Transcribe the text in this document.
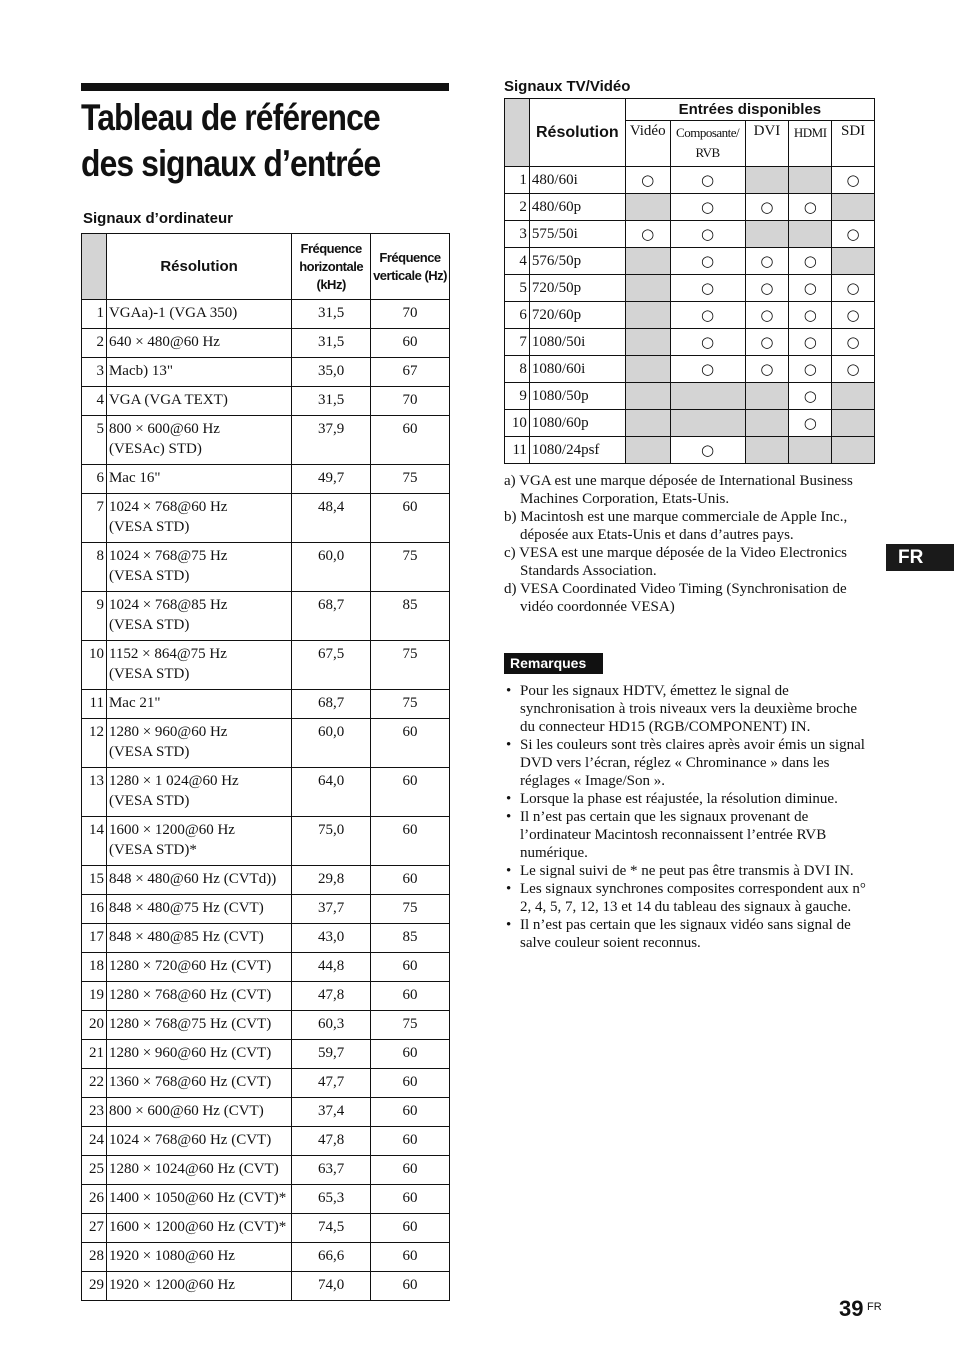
Tableau de référence
des signaux d’entrée
Signaux d’ordinateur
	Résolution	Fréquence horizontale (kHz)	Fréquence verticale (Hz)
1	VGAa)-1 (VGA 350)	31,5	70
2	640 × 480@60 Hz	31,5	60
3	Macb) 13"	35,0	67
4	VGA (VGA TEXT)	31,5	70
5	800 × 600@60 Hz
(VESAc) STD)	37,9	60
6	Mac 16"	49,7	75
7	1024 × 768@60 Hz
(VESA STD)	48,4	60
8	1024 × 768@75 Hz
(VESA STD)	60,0	75
9	1024 × 768@85 Hz
(VESA STD)	68,7	85
10	1152 × 864@75 Hz
(VESA STD)	67,5	75
11	Mac 21"	68,7	75
12	1280 × 960@60 Hz
(VESA STD)	60,0	60
13	1280 × 1 024@60 Hz
(VESA STD)	64,0	60
14	1600 × 1200@60 Hz
(VESA STD)*	75,0	60
15	848 × 480@60 Hz (CVTd))	29,8	60
16	848 × 480@75 Hz (CVT)	37,7	75
17	848 × 480@85 Hz (CVT)	43,0	85
18	1280 × 720@60 Hz (CVT)	44,8	60
19	1280 × 768@60 Hz (CVT)	47,8	60
20	1280 × 768@75 Hz (CVT)	60,3	75
21	1280 × 960@60 Hz (CVT)	59,7	60
22	1360 × 768@60 Hz (CVT)	47,7	60
23	800 × 600@60 Hz (CVT)	37,4	60
24	1024 × 768@60 Hz (CVT)	47,8	60
25	1280 × 1024@60 Hz (CVT)	63,7	60
26	1400 × 1050@60 Hz (CVT)*	65,3	60
27	1600 × 1200@60 Hz (CVT)*	74,5	60
28	1920 × 1080@60 Hz	66,6	60
29	1920 × 1200@60 Hz	74,0	60
Signaux TV/Vidéo
	Résolution	Entrées disponibles				
		Vidéo	Composante/ RVB	DVI	HDMI	SDI
1	480/60i	○	○			○
2	480/60p		○	○	○	
3	575/50i	○	○			○
4	576/50p		○	○	○	
5	720/50p		○	○	○	○
6	720/60p		○	○	○	○
7	1080/50i		○	○	○	○
8	1080/60i		○	○	○	○
9	1080/50p				○	
10	1080/60p				○	
11	1080/24psf		○			
a) VGA est une marque déposée de International Business Machines Corporation, Etats-Unis.
b) Macintosh est une marque commerciale de Apple Inc., déposée aux Etats-Unis et dans d’autres pays.
c) VESA est une marque déposée de la Video Electronics Standards Association.
d) VESA Coordinated Video Timing (Synchronisation de vidéo coordonnée VESA)
FR
Remarques
• Pour les signaux HDTV, émettez le signal de synchronisation à trois niveaux vers la deuxième broche du connecteur HD15 (RGB/COMPONENT) IN.
• Si les couleurs sont très claires après avoir émis un signal DVD vers l’écran, réglez « Chrominance » dans les réglages « Image/Son ».
• Lorsque la phase est réajustée, la résolution diminue.
• Il n’est pas certain que les signaux provenant de l’ordinateur Macintosh reconnaissent l’entrée RVB numérique.
• Le signal suivi de * ne peut pas être transmis à DVI IN.
• Les signaux synchrones composites correspondent aux n° 2, 4, 5, 7, 12, 13 et 14 du tableau des signaux à gauche.
• Il n’est pas certain que les signaux vidéo sans signal de salve couleur soient reconnus.
39 FR
